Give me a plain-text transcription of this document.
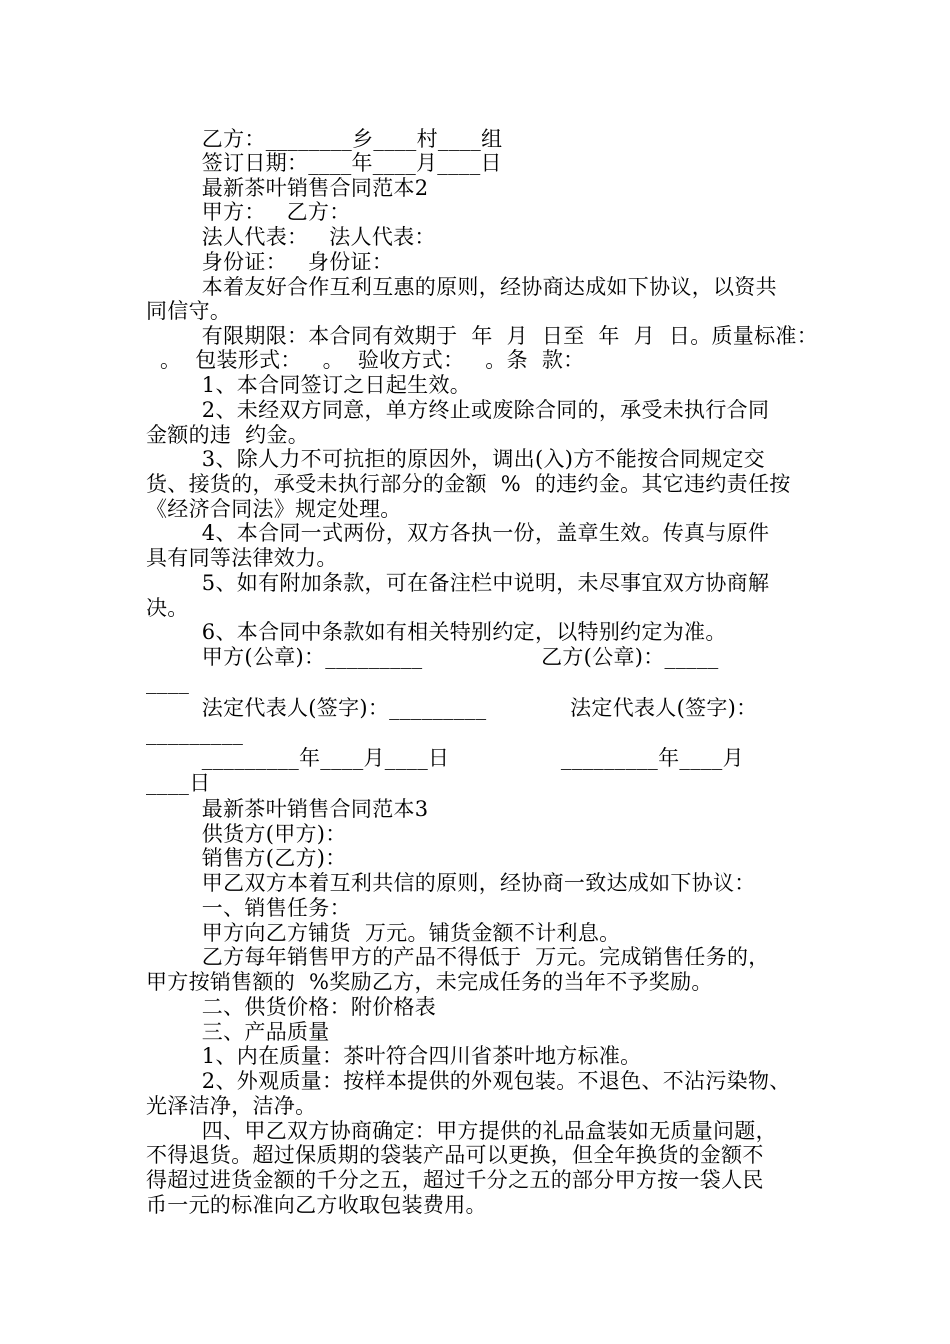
乙方：________乡____村____组
签订日期：____年____月____日
最新茶叶销售合同范本2
甲方：   乙方：
法人代表：   法人代表：
身份证：   身份证：
本着友好合作互利互惠的原则，经协商达成如下协议，以资共
同信守。
有限期限：本合同有效期于  年  月  日至  年  月  日。质量标准：
。  包装形式：   。  验收方式：   。条  款：
1、本合同签订之日起生效。
2、未经双方同意，单方终止或废除合同的，承受未执行合同
金额的违  约金。
3、除人力不可抗拒的原因外，调出(入)方不能按合同规定交
货、接货的，承受未执行部分的金额  %  的违约金。其它违约责任按
《经济合同法》规定处理。
4、本合同一式两份，双方各执一份，盖章生效。传真与原件
具有同等法律效力。
5、如有附加条款，可在备注栏中说明，未尽事宜双方协商解
决。
6、本合同中条款如有相关特别约定，以特别约定为准。
甲方(公章)：_________                 乙方(公章)：_____
____
法定代表人(签字)：_________            法定代表人(签字)：
_________
_________年____月____日                _________年____月
____日
最新茶叶销售合同范本3
供货方(甲方)：
销售方(乙方)：
甲乙双方本着互利共信的原则，经协商一致达成如下协议：
一、销售任务：
甲方向乙方铺货  万元。铺货金额不计利息。
乙方每年销售甲方的产品不得低于  万元。完成销售任务的，
甲方按销售额的  %奖励乙方，未完成任务的当年不予奖励。
二、供货价格：附价格表
三、产品质量
1、内在质量：茶叶符合四川省茶叶地方标准。
2、外观质量：按样本提供的外观包装。不退色、不沾污染物、
光泽洁净，洁净。
四、甲乙双方协商确定：甲方提供的礼品盒装如无质量问题，
不得退货。超过保质期的袋装产品可以更换，但全年换货的金额不
得超过进货金额的千分之五，超过千分之五的部分甲方按一袋人民
币一元的标准向乙方收取包装费用。
